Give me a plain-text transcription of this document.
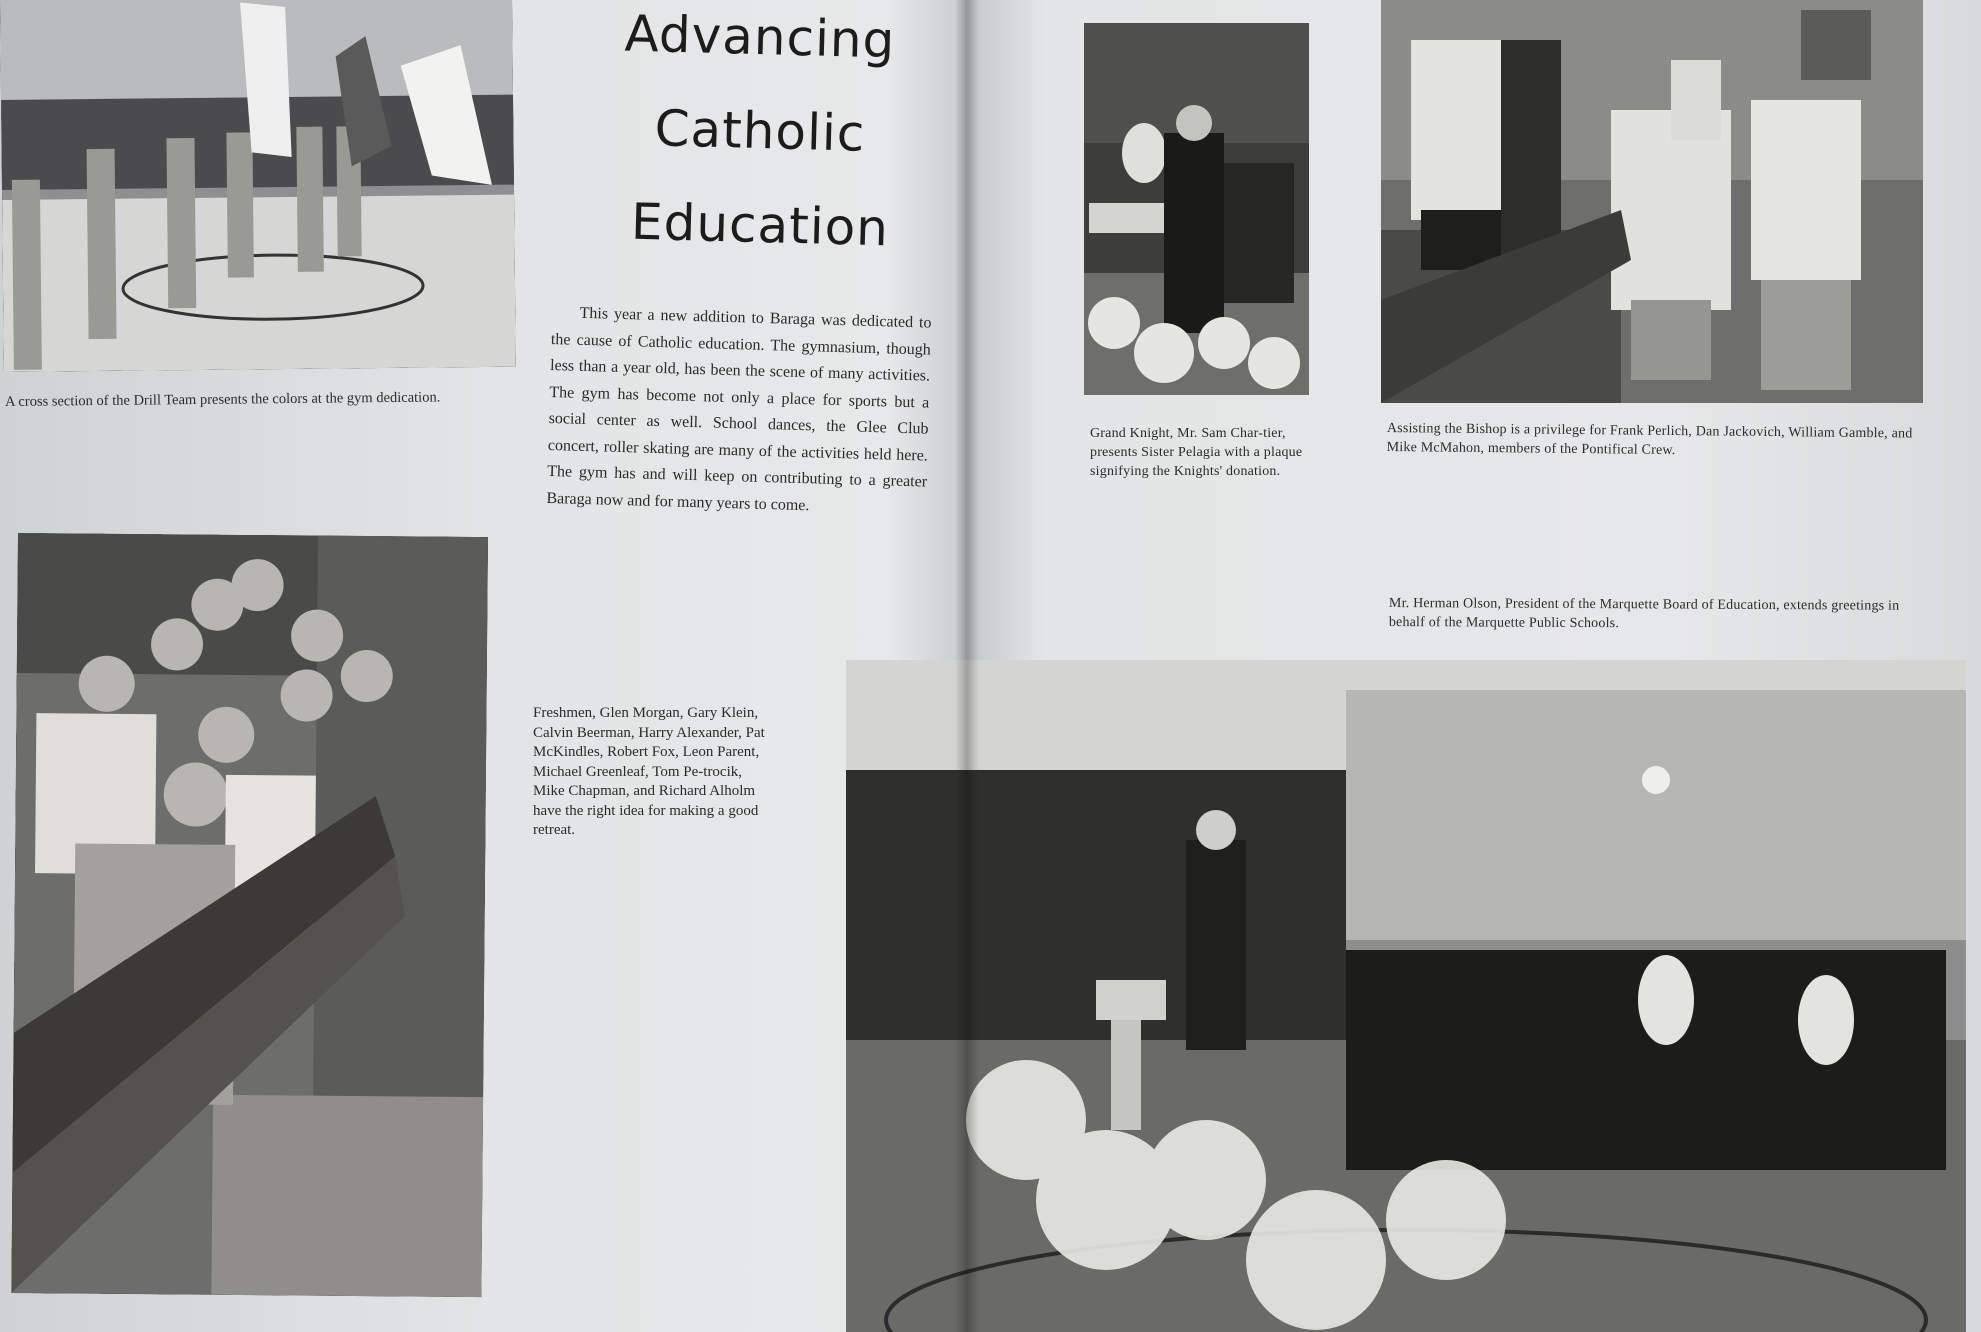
A cross section of the Drill Team presents the colors at the gym dedication.
Advancing
Catholic
Education
This year a new addition to Baraga was dedicated to the cause of Catholic education. The gymnasium, though less than a year old, has been the scene of many activities. The gym has become not only a place for sports but a social center as well. School dances, the Glee Club concert, roller skating are many of the activities held here. The gym has and will keep on contributing to a greater Baraga now and for many years to come.
Freshmen, Glen Morgan, Gary Klein, Calvin Beerman, Harry Alexander, Pat McKindles, Robert Fox, Leon Parent, Michael Greenleaf, Tom Pe-trocik, Mike Chapman, and Richard Alholm have the right idea for making a good retreat.
Grand Knight, Mr. Sam Char-tier, presents Sister Pelagia with a plaque signifying the Knights' donation.
Assisting the Bishop is a privilege for Frank Perlich, Dan Jackovich, William Gamble, and Mike McMahon, members of the Pontifical Crew.
Mr. Herman Olson, President of the Marquette Board of Education, extends greetings in behalf of the Marquette Public Schools.
